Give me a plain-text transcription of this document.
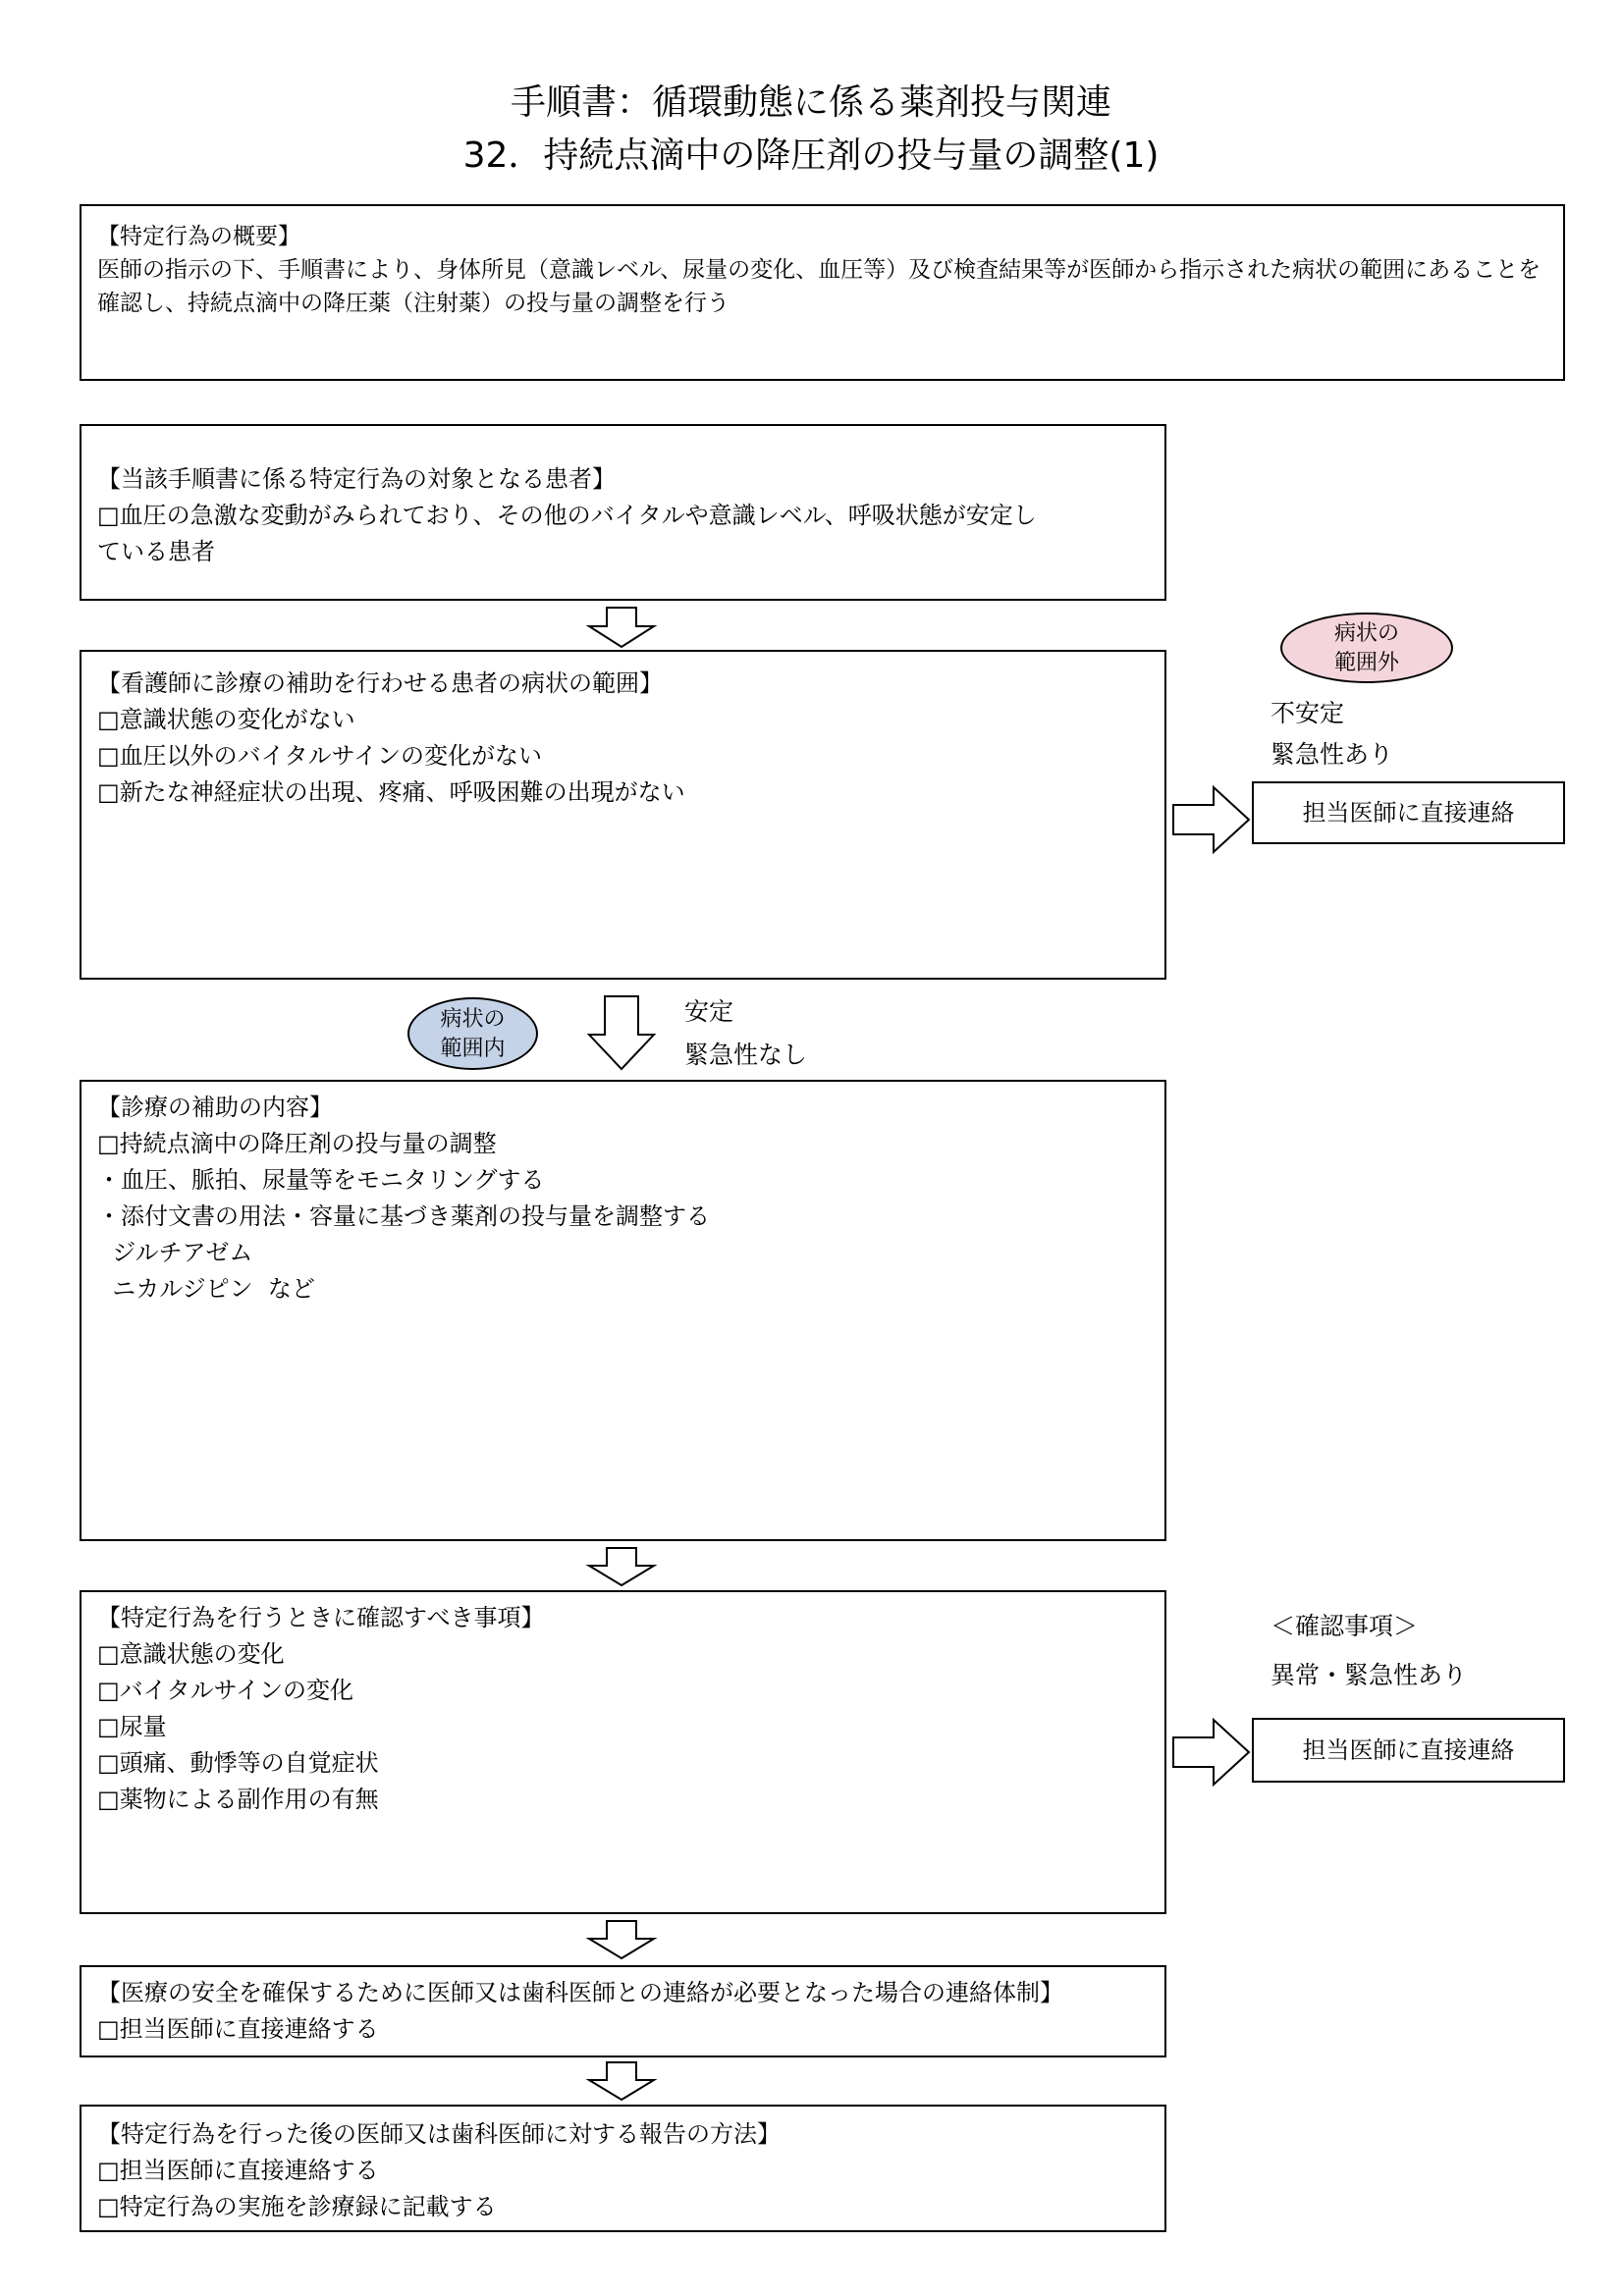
手順書：循環動態に係る薬剤投与関連
32．持続点滴中の降圧剤の投与量の調整(1)
【特定行為の概要】
医師の指示の下、手順書により、身体所見（意識レベル、尿量の変化、血圧等）及び検査結果等が医師から指示された病状の範囲にあることを確認し、持続点滴中の降圧薬（注射薬）の投与量の調整を行う
【当該手順書に係る特定行為の対象となる患者】
□血圧の急激な変動がみられており、その他のバイタルや意識レベル、呼吸状態が安定し
ている患者
【看護師に診療の補助を行わせる患者の病状の範囲】
□意識状態の変化がない
□血圧以外のバイタルサインの変化がない
□新たな神経症状の出現、疼痛、呼吸困難の出現がない
病状の
範囲外
不安定
緊急性あり
担当医師に直接連絡
病状の
範囲内
安定
緊急性なし
【診療の補助の内容】
□持続点滴中の降圧剤の投与量の調整
・血圧、脈拍、尿量等をモニタリングする
・添付文書の用法・容量に基づき薬剤の投与量を調整する
ジルチアゼム
ニカルジピン  など
【特定行為を行うときに確認すべき事項】
□意識状態の変化
□バイタルサインの変化
□尿量
□頭痛、動悸等の自覚症状
□薬物による副作用の有無
＜確認事項＞
異常・緊急性あり
担当医師に直接連絡
【医療の安全を確保するために医師又は歯科医師との連絡が必要となった場合の連絡体制】
□担当医師に直接連絡する
【特定行為を行った後の医師又は歯科医師に対する報告の方法】
□担当医師に直接連絡する
□特定行為の実施を診療録に記載する
